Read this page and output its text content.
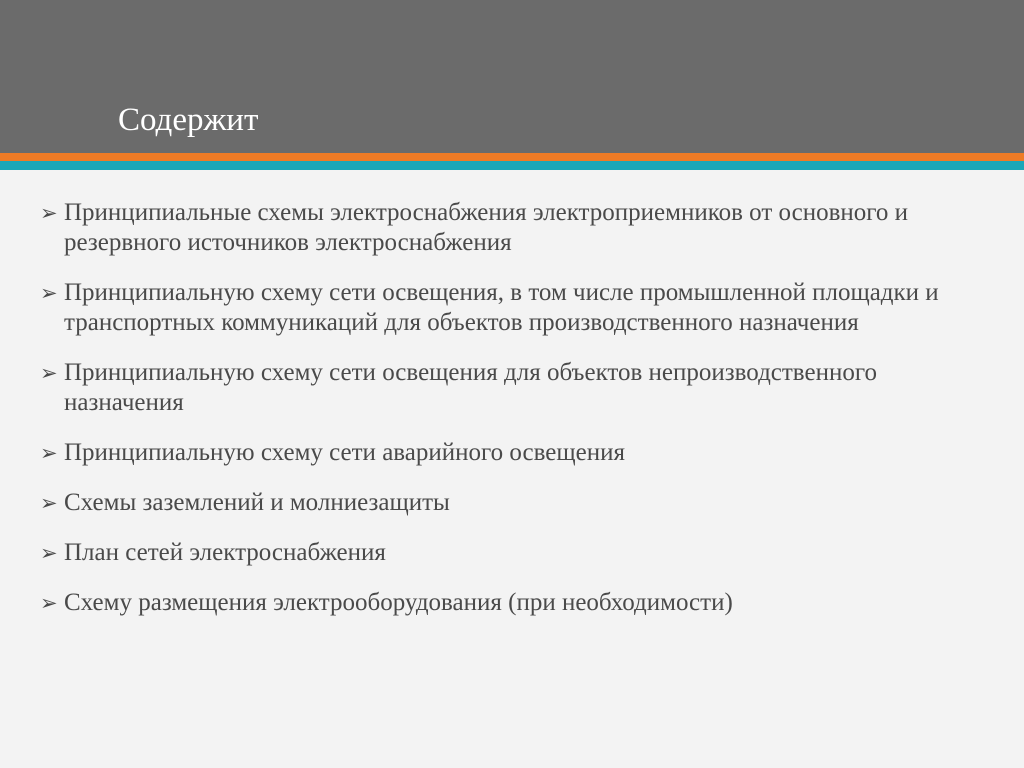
Содержит
➢ Принципиальные схемы электроснабжения электроприемников от основного и резервного источников электроснабжения
➢ Принципиальную схему сети освещения, в том числе промышленной площадки и транспортных коммуникаций для объектов производственного назначения
➢ Принципиальную схему сети освещения для объектов непроизводственного назначения
➢ Принципиальную схему сети аварийного освещения
➢ Схемы заземлений и молниезащиты
➢ План сетей электроснабжения
➢ Схему размещения электрооборудования (при необходимости)
